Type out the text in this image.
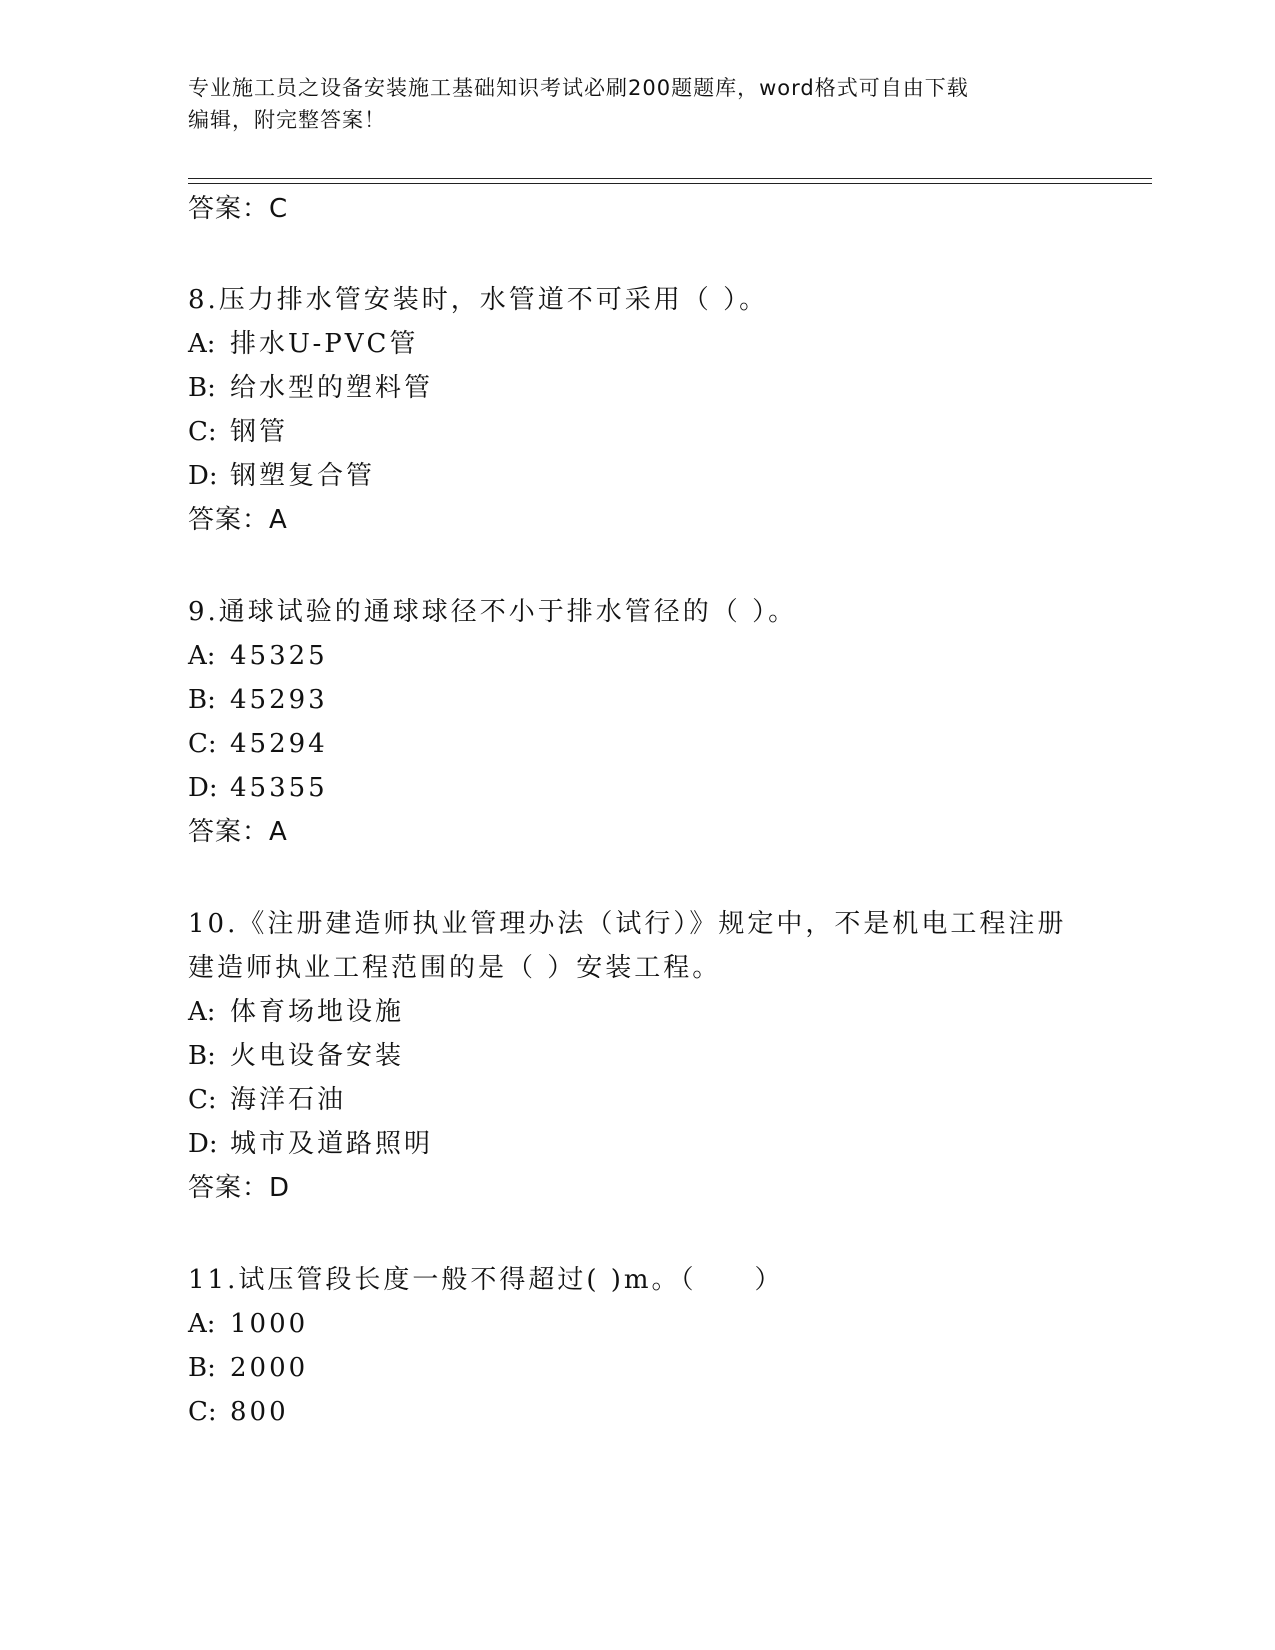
专业施工员之设备安装施工基础知识考试必刷200题题库，word格式可自由下载
编辑，附完整答案！
答案：C
8.压力排水管安装时，水管道不可采用（ ）。
A: 排水U-PVC管
B: 给水型的塑料管
C: 钢管
D: 钢塑复合管
答案：A
9.通球试验的通球球径不小于排水管径的（ ）。
A: 45325
B: 45293
C: 45294
D: 45355
答案：A
10.《注册建造师执业管理办法（试行）》规定中，不是机电工程注册
建造师执业工程范围的是（ ）安装工程。
A: 体育场地设施
B: 火电设备安装
C: 海洋石油
D: 城市及道路照明
答案：D
11.试压管段长度一般不得超过( )m。（　　）
A: 1000
B: 2000
C: 800
